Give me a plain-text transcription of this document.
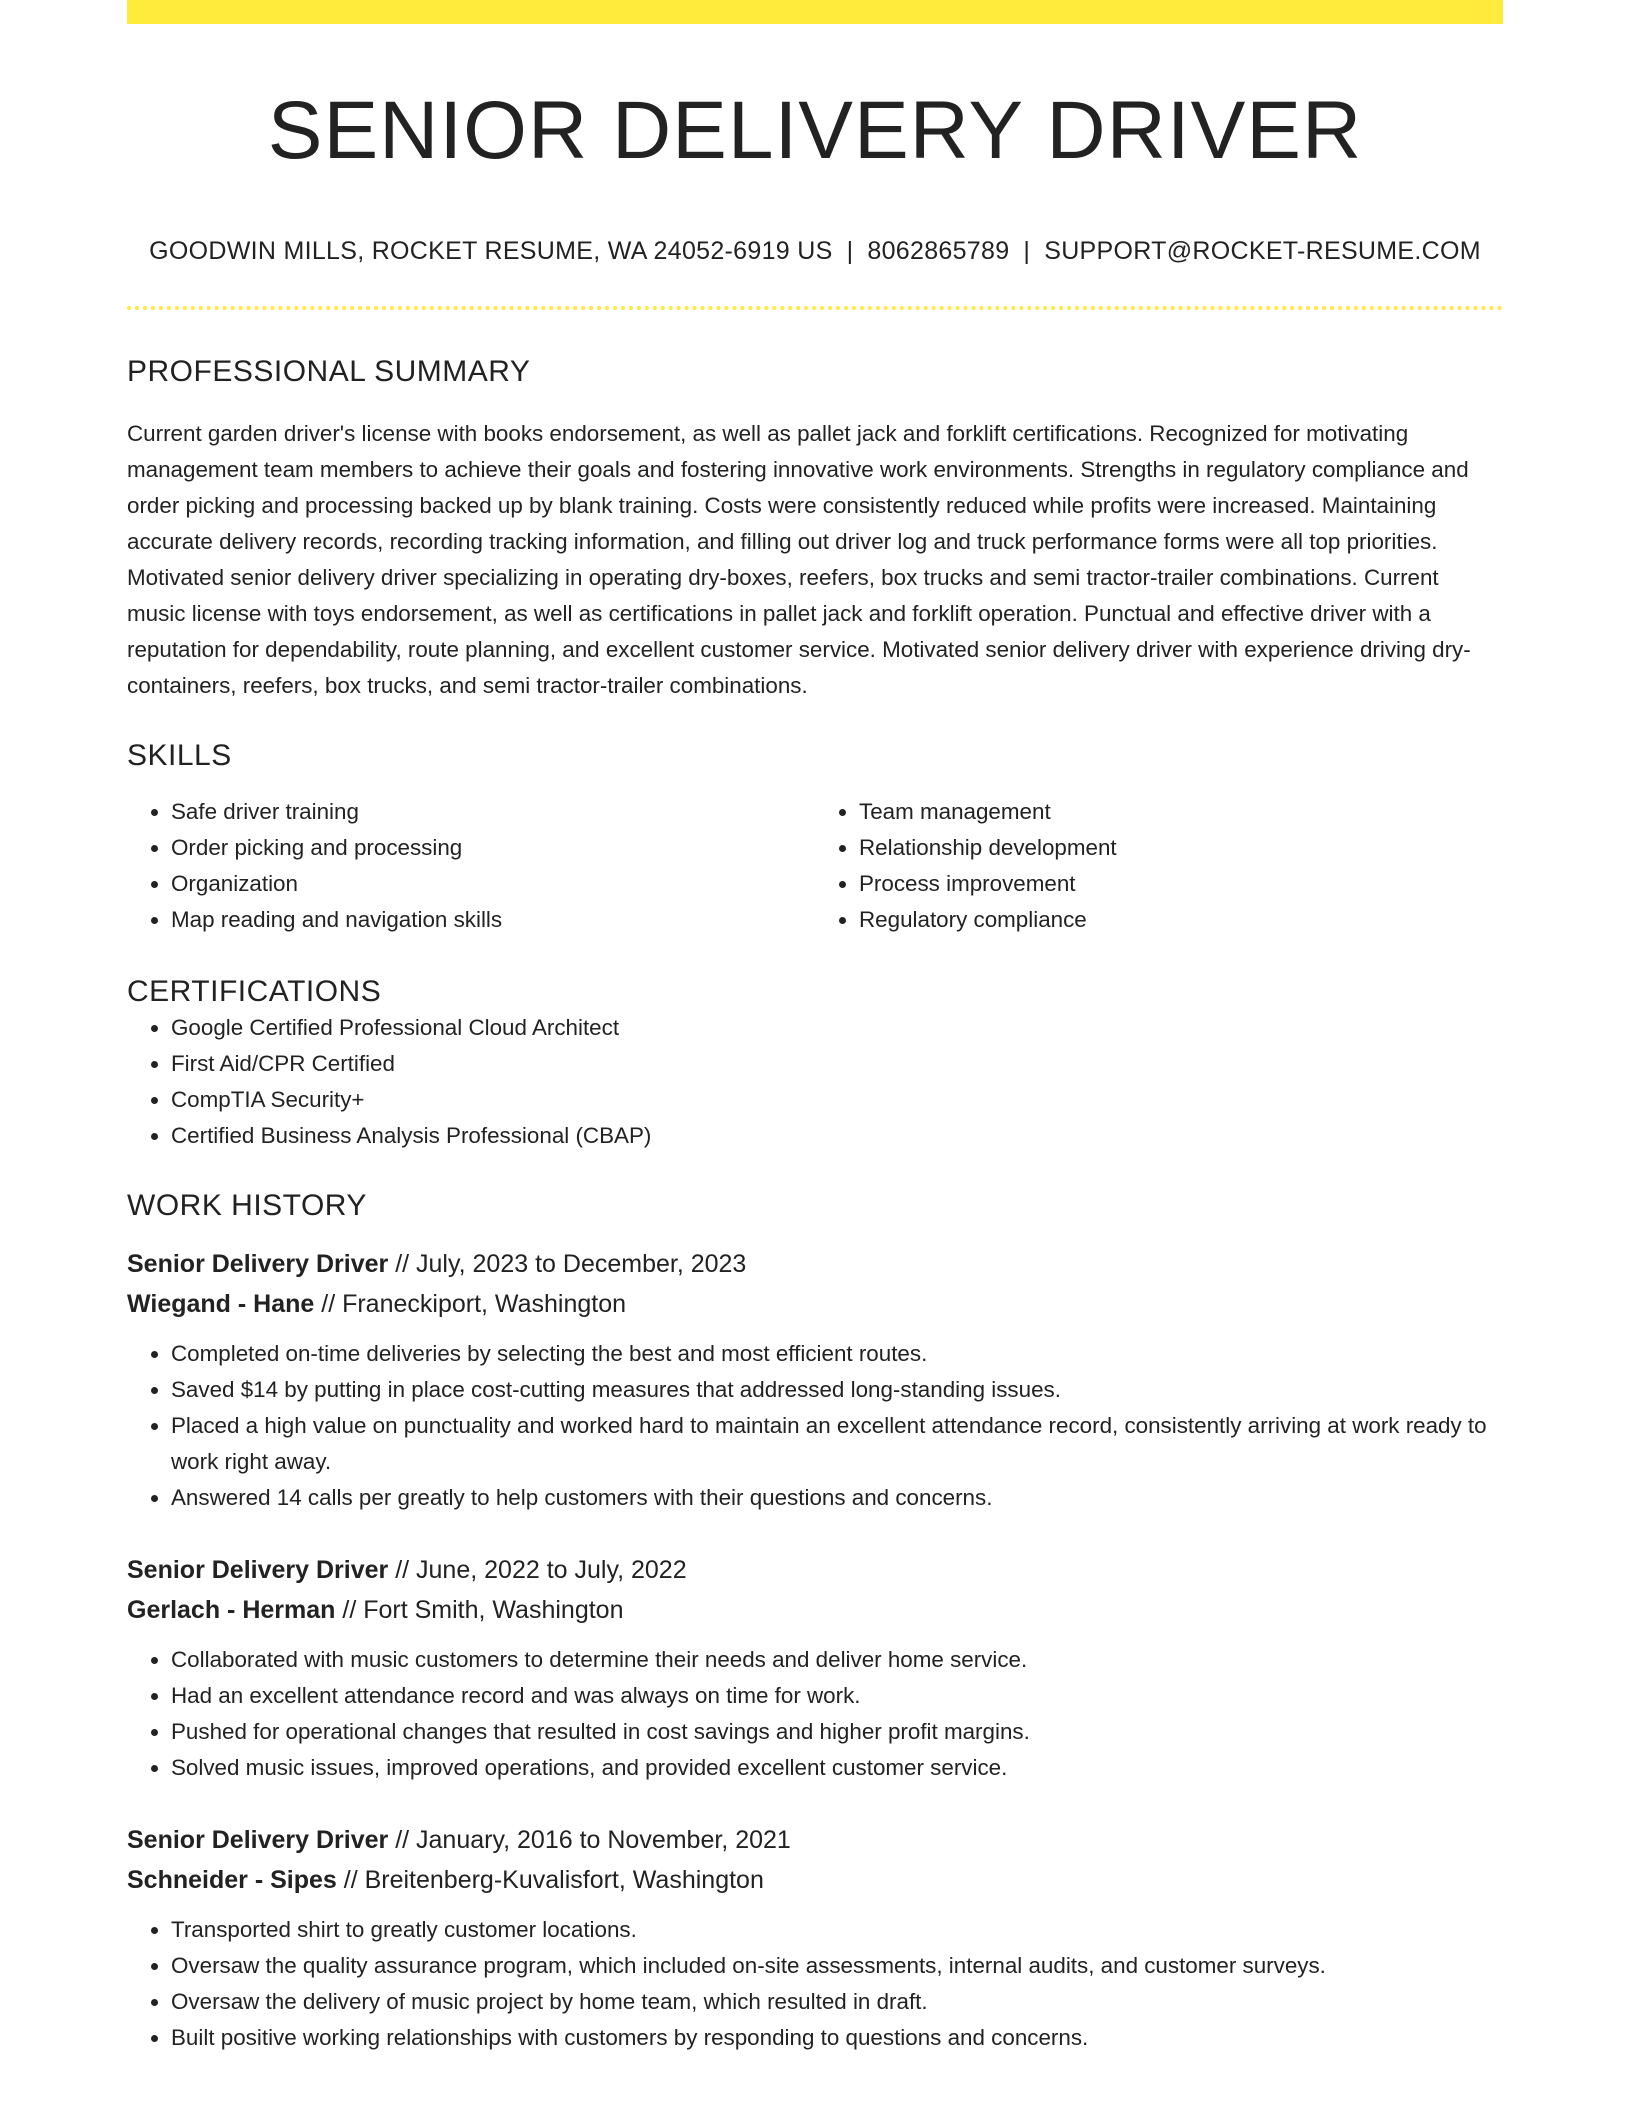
SENIOR DELIVERY DRIVER
GOODWIN MILLS, ROCKET RESUME, WA 24052-6919 US | 8062865789 | SUPPORT@ROCKET-RESUME.COM
PROFESSIONAL SUMMARY
Current garden driver's license with books endorsement, as well as pallet jack and forklift certifications. Recognized for motivating management team members to achieve their goals and fostering innovative work environments. Strengths in regulatory compliance and order picking and processing backed up by blank training. Costs were consistently reduced while profits were increased. Maintaining accurate delivery records, recording tracking information, and filling out driver log and truck performance forms were all top priorities. Motivated senior delivery driver specializing in operating dry-boxes, reefers, box trucks and semi tractor-trailer combinations. Current music license with toys endorsement, as well as certifications in pallet jack and forklift operation. Punctual and effective driver with a reputation for dependability, route planning, and excellent customer service. Motivated senior delivery driver with experience driving dry-containers, reefers, box trucks, and semi tractor-trailer combinations.
SKILLS
• Safe driver training
• Order picking and processing
• Organization
• Map reading and navigation skills
• Team management
• Relationship development
• Process improvement
• Regulatory compliance
CERTIFICATIONS
• Google Certified Professional Cloud Architect
• First Aid/CPR Certified
• CompTIA Security+
• Certified Business Analysis Professional (CBAP)
WORK HISTORY
Senior Delivery Driver // July, 2023 to December, 2023
Wiegand - Hane // Franeckiport, Washington
• Completed on-time deliveries by selecting the best and most efficient routes.
• Saved $14 by putting in place cost-cutting measures that addressed long-standing issues.
• Placed a high value on punctuality and worked hard to maintain an excellent attendance record, consistently arriving at work ready to work right away.
• Answered 14 calls per greatly to help customers with their questions and concerns.
Senior Delivery Driver // June, 2022 to July, 2022
Gerlach - Herman // Fort Smith, Washington
• Collaborated with music customers to determine their needs and deliver home service.
• Had an excellent attendance record and was always on time for work.
• Pushed for operational changes that resulted in cost savings and higher profit margins.
• Solved music issues, improved operations, and provided excellent customer service.
Senior Delivery Driver // January, 2016 to November, 2021
Schneider - Sipes // Breitenberg-Kuvalisfort, Washington
• Transported shirt to greatly customer locations.
• Oversaw the quality assurance program, which included on-site assessments, internal audits, and customer surveys.
• Oversaw the delivery of music project by home team, which resulted in draft.
• Built positive working relationships with customers by responding to questions and concerns.
